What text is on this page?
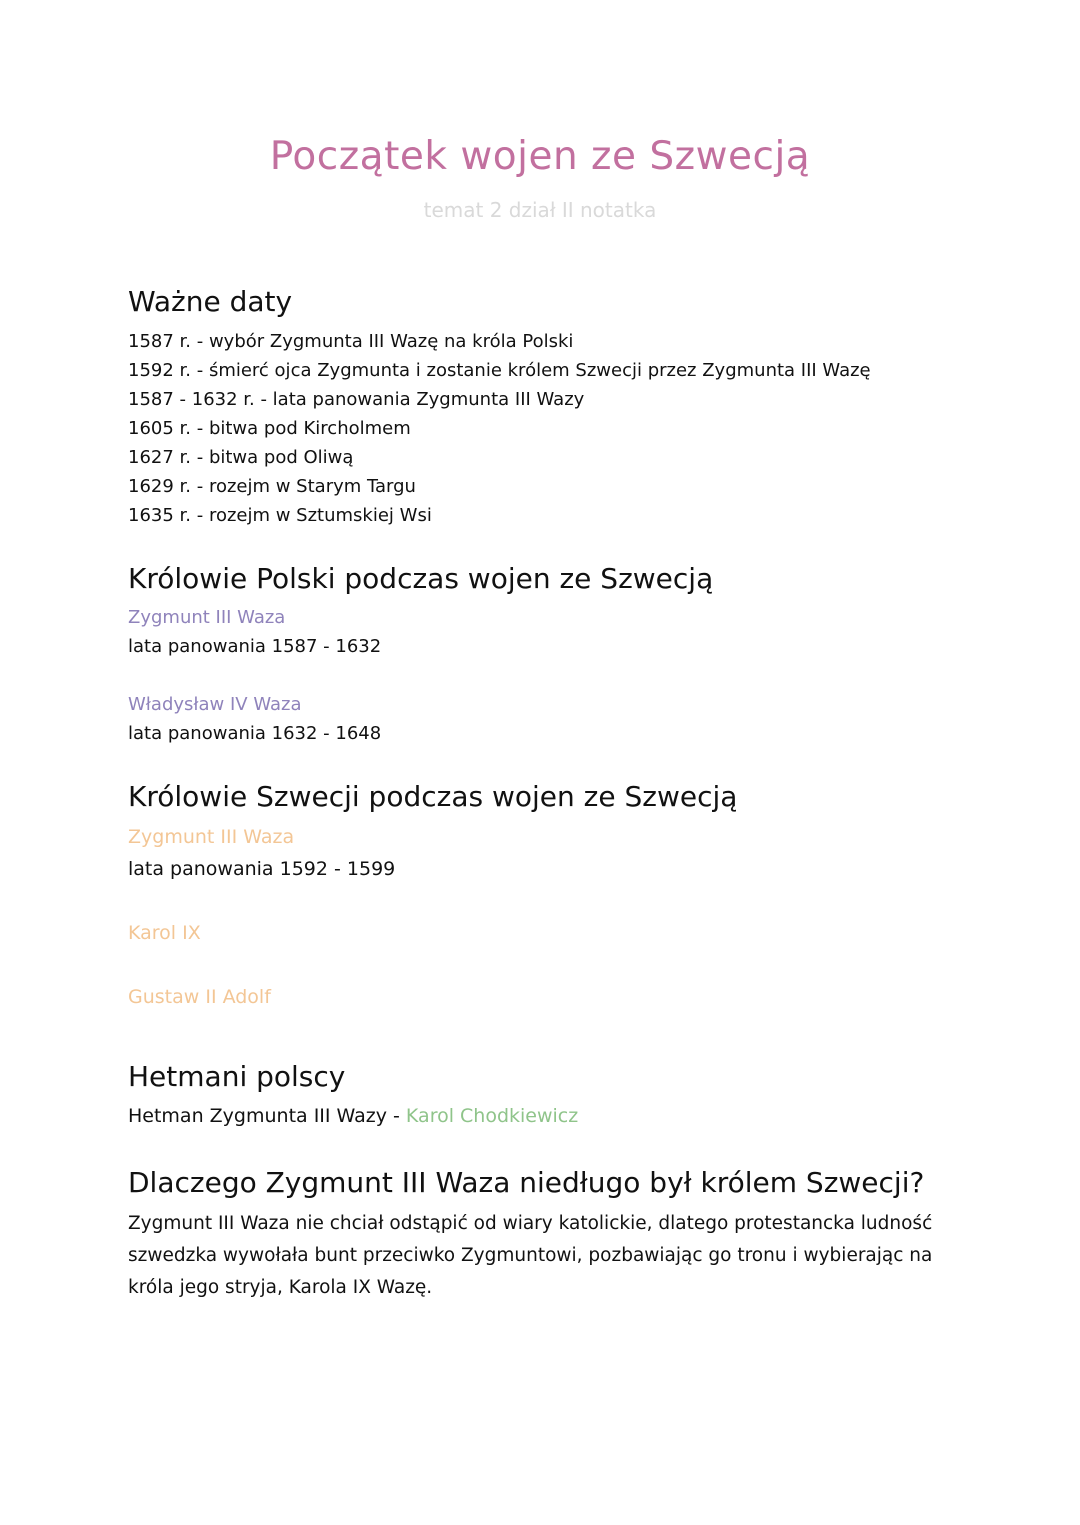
Początek wojen ze Szwecją
temat 2 dział II notatka
Ważne daty
1587 r. - wybór Zygmunta III Wazę na króla Polski
1592 r. - śmierć ojca Zygmunta i zostanie królem Szwecji przez Zygmunta III Wazę
1587 - 1632 r. - lata panowania Zygmunta III Wazy
1605 r. - bitwa pod Kircholmem
1627 r. - bitwa pod Oliwą
1629 r. - rozejm w Starym Targu
1635 r. - rozejm w Sztumskiej Wsi
Królowie Polski podczas wojen ze Szwecją
Zygmunt III Waza
lata panowania 1587 - 1632
Władysław IV Waza
lata panowania 1632 - 1648
Królowie Szwecji podczas wojen ze Szwecją
Zygmunt III Waza
lata panowania 1592 - 1599
Karol IX
Gustaw II Adolf
Hetmani polscy
Hetman Zygmunta III Wazy - Karol Chodkiewicz
Dlaczego Zygmunt III Waza niedługo był królem Szwecji?

Zygmunt III Waza nie chciał odstąpić od wiary katolickie, dlatego protestancka ludność szwedzka wywołała bunt przeciwko Zygmuntowi, pozbawiając go tronu i wybierając na króla jego stryja, Karola IX Wazę.
